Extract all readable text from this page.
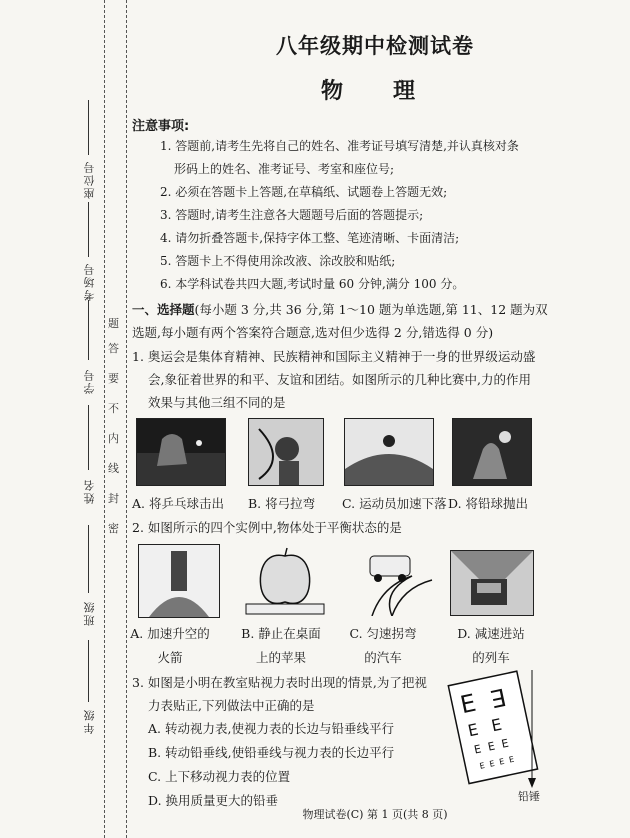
座位号
考场号
学号
姓名
班级
年级
题
答
要
不
内
线
封
密
八年级期中检测试卷
物　理
注意事项:
1. 答题前,请考生先将自己的姓名、准考证号填写清楚,并认真核对条
形码上的姓名、准考证号、考室和座位号;
2. 必须在答题卡上答题,在草稿纸、试题卷上答题无效;
3. 答题时,请考生注意各大题题号后面的答题提示;
4. 请勿折叠答题卡,保持字体工整、笔迹清晰、卡面清洁;
5. 答题卡上不得使用涂改液、涂改胶和贴纸;
6. 本学科试卷共四大题,考试时量 60 分钟,满分 100 分。
一、选择题(每小题 3 分,共 36 分,第 1～10 题为单选题,第 11、12 题为双
选题,每小题有两个答案符合题意,选对但少选得 2 分,错选得 0 分)
1. 奥运会是集体育精神、民族精神和国际主义精神于一身的世界级运动盛
会,象征着世界的和平、友谊和团结。如图所示的几种比赛中,力的作用
效果与其他三组不同的是
A. 将乒乓球击出 B. 将弓拉弯 C. 运动员加速下落 D. 将铅球抛出
2. 如图所示的四个实例中,物体处于平衡状态的是
A. 加速升空的
火箭
B. 静止在桌面
上的苹果
C. 匀速拐弯
的汽车
D. 减速进站
的列车
3. 如图是小明在教室贴视力表时出现的情景,为了把视
力表贴正,下列做法中正确的是
A. 转动视力表,使视力表的长边与铅垂线平行
B. 转动铅垂线,使铅垂线与视力表的长边平行
C. 上下移动视力表的位置
D. 换用质量更大的铅垂
E E
E E
E E E
E E E E
铅锤
物理试卷(C) 第 1 页(共 8 页)
